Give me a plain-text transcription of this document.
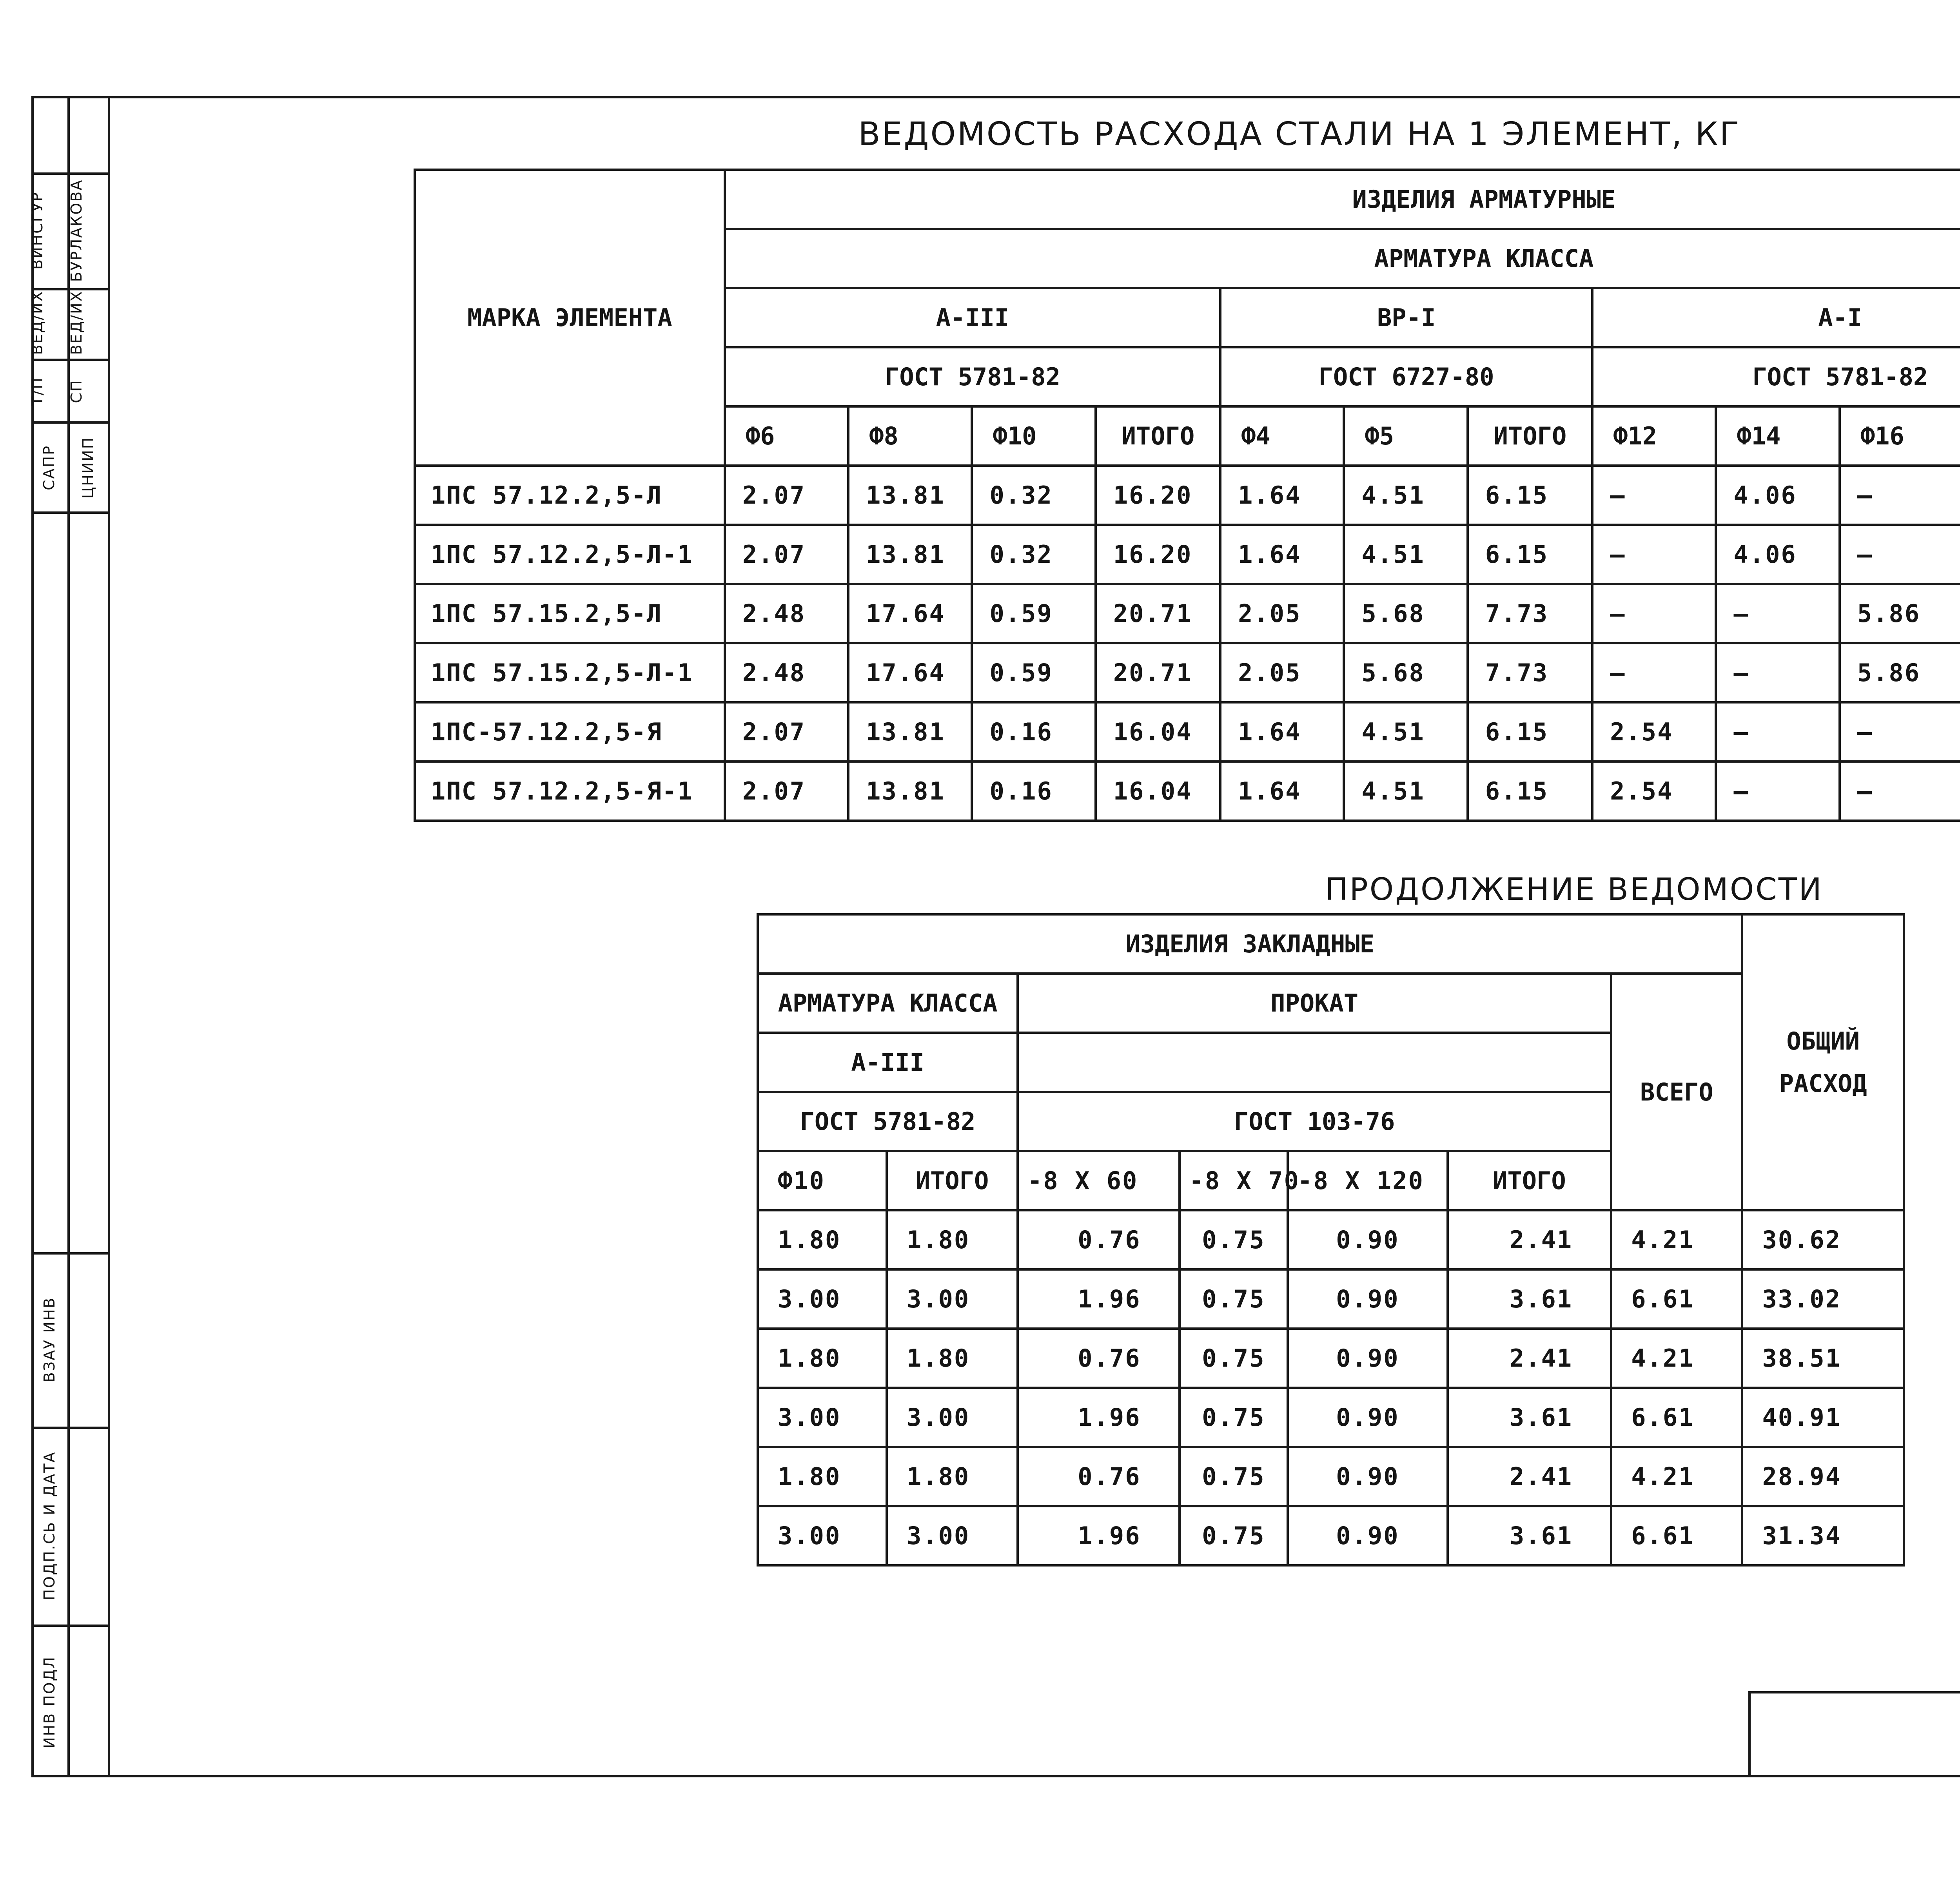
САПР ЦНИИП
Т/П СП
ВЕД/ИХ ВЕД/ИХ
ВИНСГУР БУРЛАКОВА
ВЗАУ ИНВ
ПОДП.СЬ И ДАТА
ИНВ ПОДЛ
ВЕДОМОСТЬ РАСХОДА СТАЛИ НА 1 ЭЛЕМЕНТ, КГ
МАРКА ЭЛЕМЕНТА	ИЗДЕЛИЯ АРМАТУРНЫЕ											
	АРМАТУРА КЛАССА											
	А-III				ВР-I			А-I	
	ГОСТ 5781-82				ГОСТ 6727-80			ГОСТ 5781-82				
	Ф6	Ф8	Ф10	ИТОГО	Ф4	Ф5	ИТОГО	Ф12	Ф14	Ф16	
1ПС 57.12.2,5-Л	2.07	13.81	0.32	16.20	1.64	4.51	6.15	–	4.06	–		
1ПС 57.12.2,5-Л-1	2.07	13.81	0.32	16.20	1.64	4.51	6.15	–	4.06	–		
1ПС 57.15.2,5-Л	2.48	17.64	0.59	20.71	2.05	5.68	7.73	–	–	5.86		
1ПС 57.15.2,5-Л-1	2.48	17.64	0.59	20.71	2.05	5.68	7.73	–	–	5.86		
1ПС-57.12.2,5-Я	2.07	13.81	0.16	16.04	1.64	4.51	6.15	2.54	–	–		
1ПС 57.12.2,5-Я-1	2.07	13.81	0.16	16.04	1.64	4.51	6.15	2.54	–	–		
ПРОДОЛЖЕНИЕ ВЕДОМОСТИ
ИЗДЕЛИЯ ЗАКЛАДНЫЕ							ОБЩИЙ
РАСХОД
АРМАТУРА КЛАССА		ПРОКАТ				ВСЕГО	
А-III							
ГОСТ 5781-82		ГОСТ 103-76					
Ф10	ИТОГО	-8 Х 60	-8 Х 70	-8 Х 120	ИТОГО		
1.80	1.80	0.76	0.75	0.90	2.41	4.21	30.62
3.00	3.00	1.96	0.75	0.90	3.61	6.61	33.02
1.80	1.80	0.76	0.75	0.90	2.41	4.21	38.51
3.00	3.00	1.96	0.75	0.90	3.61	6.61	40.91
1.80	1.80	0.76	0.75	0.90	2.41	4.21	28.94
3.00	3.00	1.96	0.75	0.90	3.61	6.61	31.34
